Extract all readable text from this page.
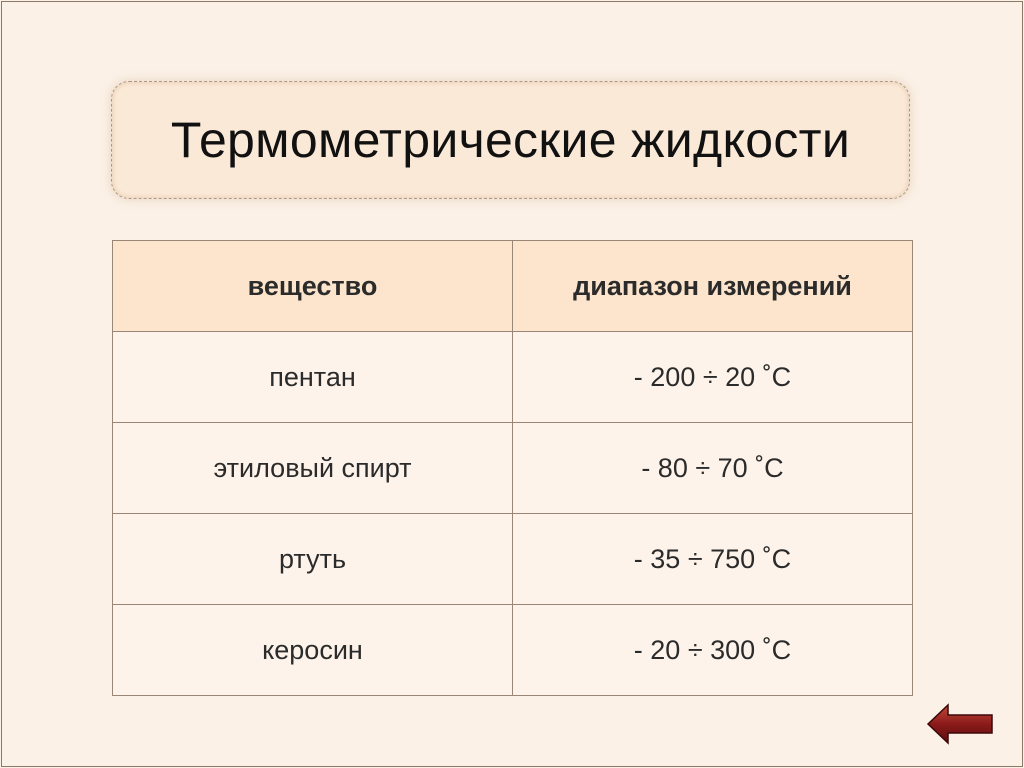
Термометрические жидкости
вещество	диапазон измерений
пентан	- 200 ÷ 20 ˚С
этиловый спирт	- 80 ÷ 70 ˚С
ртуть	- 35 ÷ 750 ˚С
керосин	- 20 ÷ 300 ˚С
